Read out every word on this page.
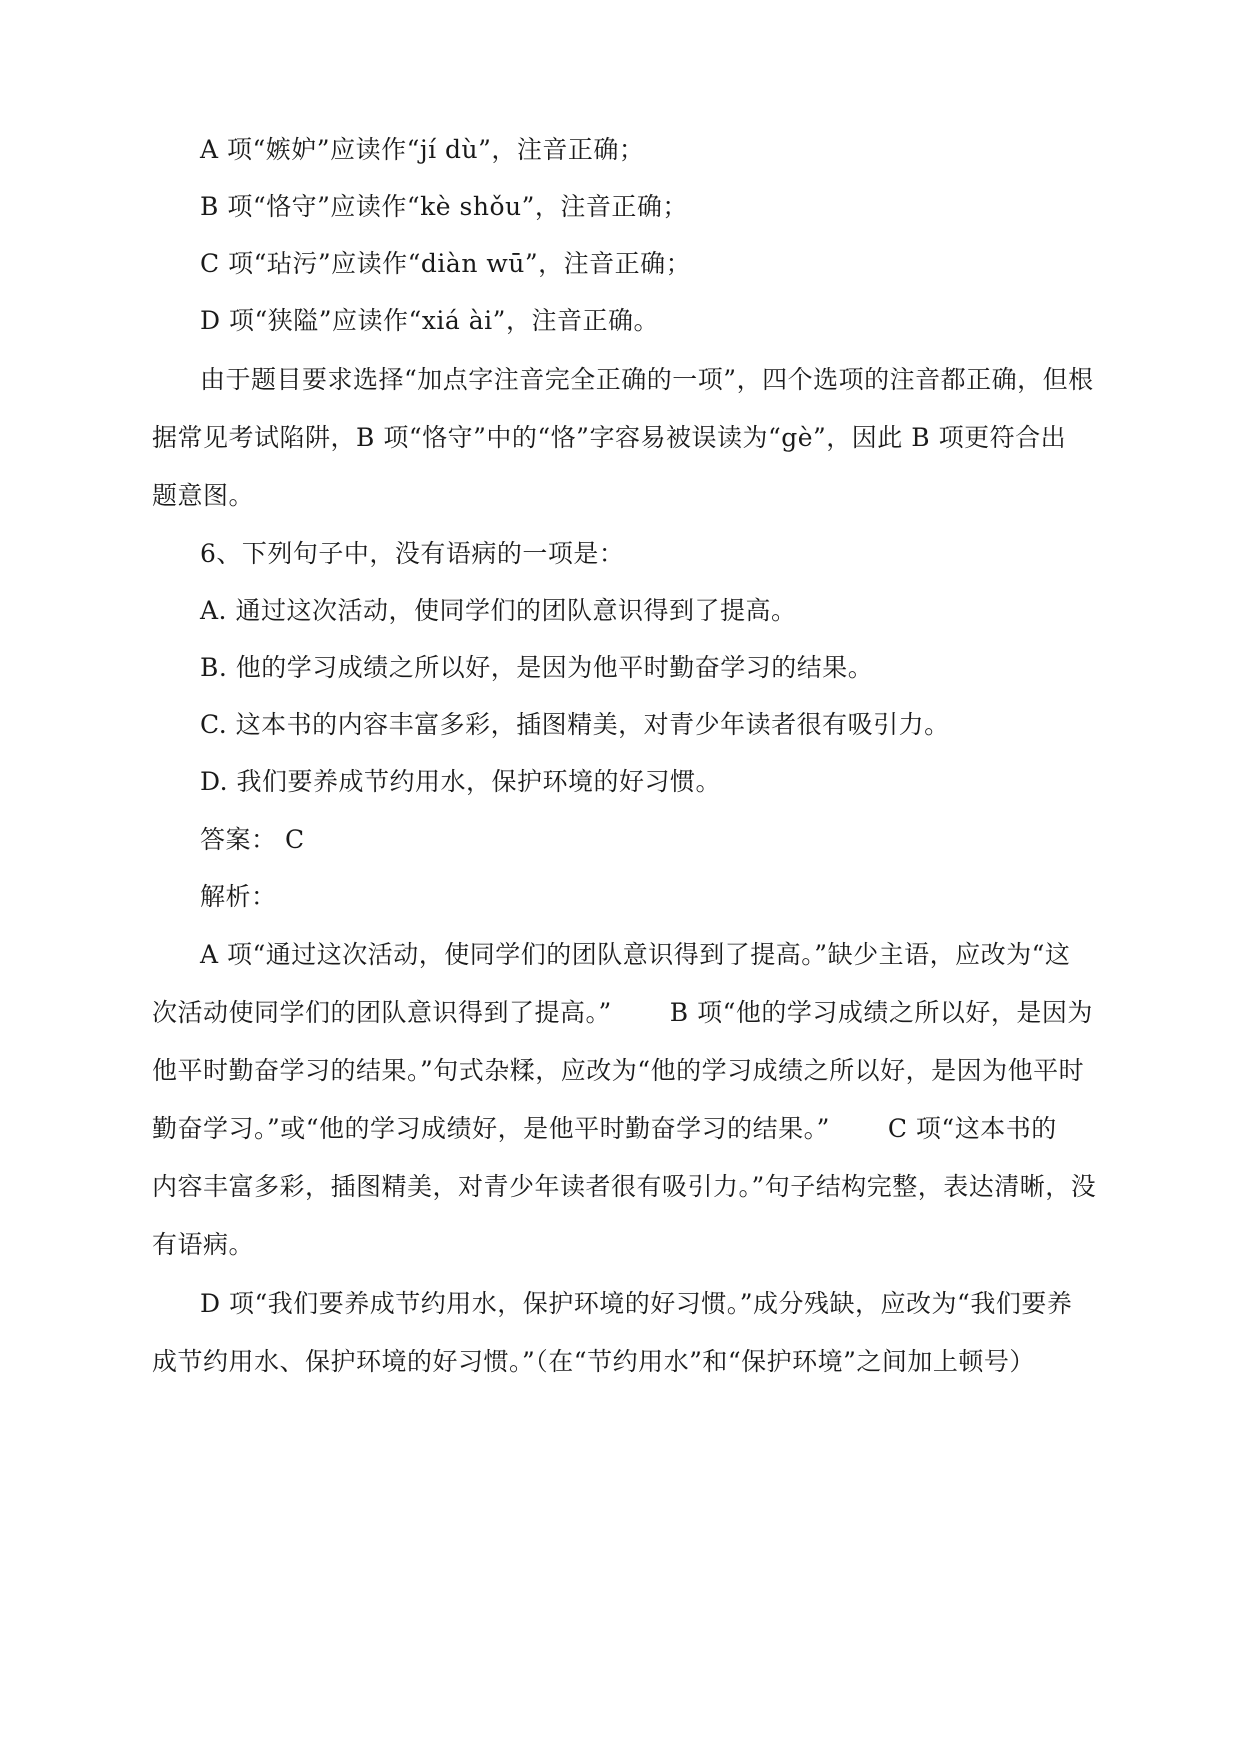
A 项“嫉妒”应读作“jí dù”，注音正确；
B 项“恪守”应读作“kè shǒu”，注音正确；
C 项“玷污”应读作“diàn wū”，注音正确；
D 项“狭隘”应读作“xiá ài”，注音正确。
由于题目要求选择“加点字注音完全正确的一项”，四个选项的注音都正确，但根
据常见考试陷阱，B 项“恪守”中的“恪”字容易被误读为“gè”，因此 B 项更符合出
题意图。
6、下列句子中，没有语病的一项是：
A. 通过这次活动，使同学们的团队意识得到了提高。
B. 他的学习成绩之所以好，是因为他平时勤奋学习的结果。
C. 这本书的内容丰富多彩，插图精美，对青少年读者很有吸引力。
D. 我们要养成节约用水，保护环境的好习惯。
答案： C
解析：
A 项“通过这次活动，使同学们的团队意识得到了提高。”缺少主语，应改为“这
次活动使同学们的团队意识得到了提高。” B 项“他的学习成绩之所以好，是因为
他平时勤奋学习的结果。”句式杂糅，应改为“他的学习成绩之所以好，是因为他平时
勤奋学习。”或“他的学习成绩好，是他平时勤奋学习的结果。” C 项“这本书的
内容丰富多彩，插图精美，对青少年读者很有吸引力。”句子结构完整，表达清晰，没
有语病。
D 项“我们要养成节约用水，保护环境的好习惯。”成分残缺，应改为“我们要养
成节约用水、保护环境的好习惯。”（在“节约用水”和“保护环境”之间加上顿号）
